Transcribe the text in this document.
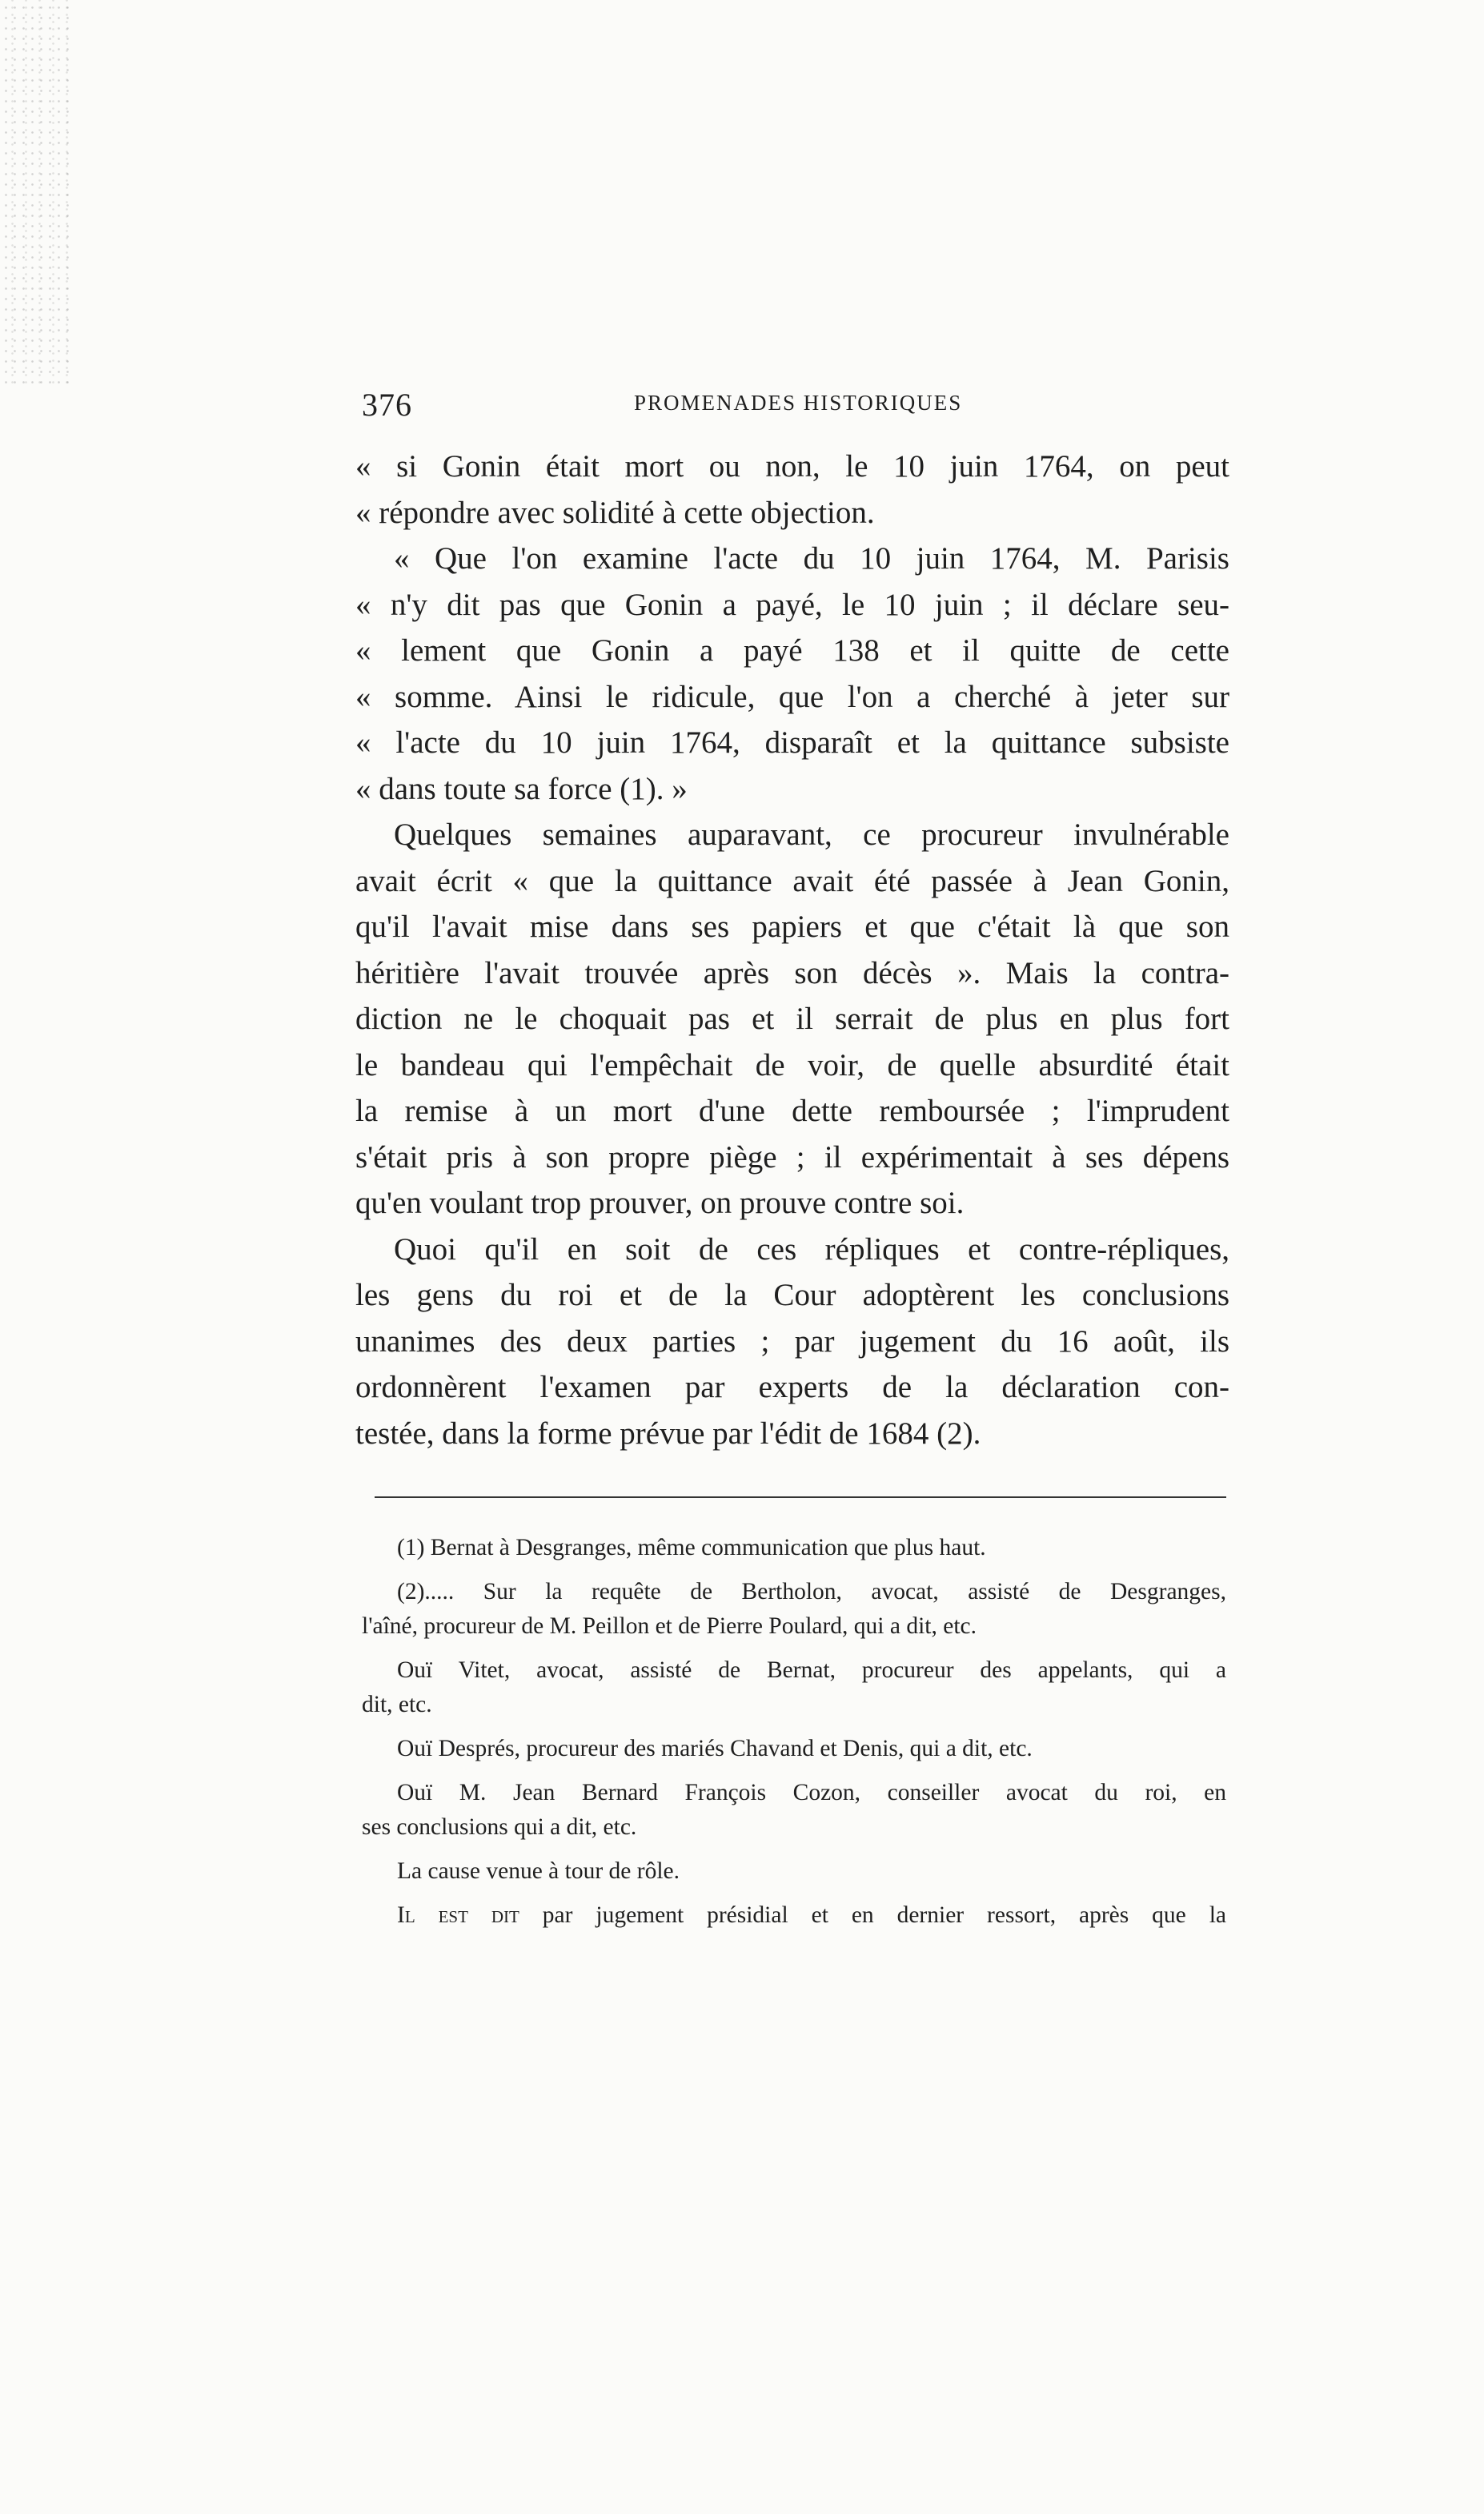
376	PROMENADES HISTORIQUES
« si Gonin était mort ou non, le 10 juin 1764, on peut
« répondre avec solidité à cette objection.
« Que l'on examine l'acte du 10 juin 1764, M. Parisis
« n'y dit pas que Gonin a payé, le 10 juin ; il déclare seu-
« lement que Gonin a payé 138 et il quitte de cette
« somme. Ainsi le ridicule, que l'on a cherché à jeter sur
« l'acte du 10 juin 1764, disparaît et la quittance subsiste
« dans toute sa force (1). »
Quelques semaines auparavant, ce procureur invulnérable
avait écrit « que la quittance avait été passée à Jean Gonin,
qu'il l'avait mise dans ses papiers et que c'était là que son
héritière l'avait trouvée après son décès ». Mais la contra-
diction ne le choquait pas et il serrait de plus en plus fort
le bandeau qui l'empêchait de voir, de quelle absurdité était
la remise à un mort d'une dette remboursée ; l'imprudent
s'était pris à son propre piège ; il expérimentait à ses dépens
qu'en voulant trop prouver, on prouve contre soi.
Quoi qu'il en soit de ces répliques et contre-répliques,
les gens du roi et de la Cour adoptèrent les conclusions
unanimes des deux parties ; par jugement du 16 août, ils
ordonnèrent l'examen par experts de la déclaration con-
testée, dans la forme prévue par l'édit de 1684 (2).
(1) Bernat à Desgranges, même communication que plus haut.
(2)..... Sur la requête de Bertholon, avocat, assisté de Desgranges,
l'aîné, procureur de M. Peillon et de Pierre Poulard, qui a dit, etc.
Ouï Vitet, avocat, assisté de Bernat, procureur des appelants, qui a
dit, etc.
Ouï Després, procureur des mariés Chavand et Denis, qui a dit, etc.
Ouï M. Jean Bernard François Cozon, conseiller avocat du roi, en
ses conclusions qui a dit, etc.
La cause venue à tour de rôle.
Il est dit par jugement présidial et en dernier ressort, après que la
